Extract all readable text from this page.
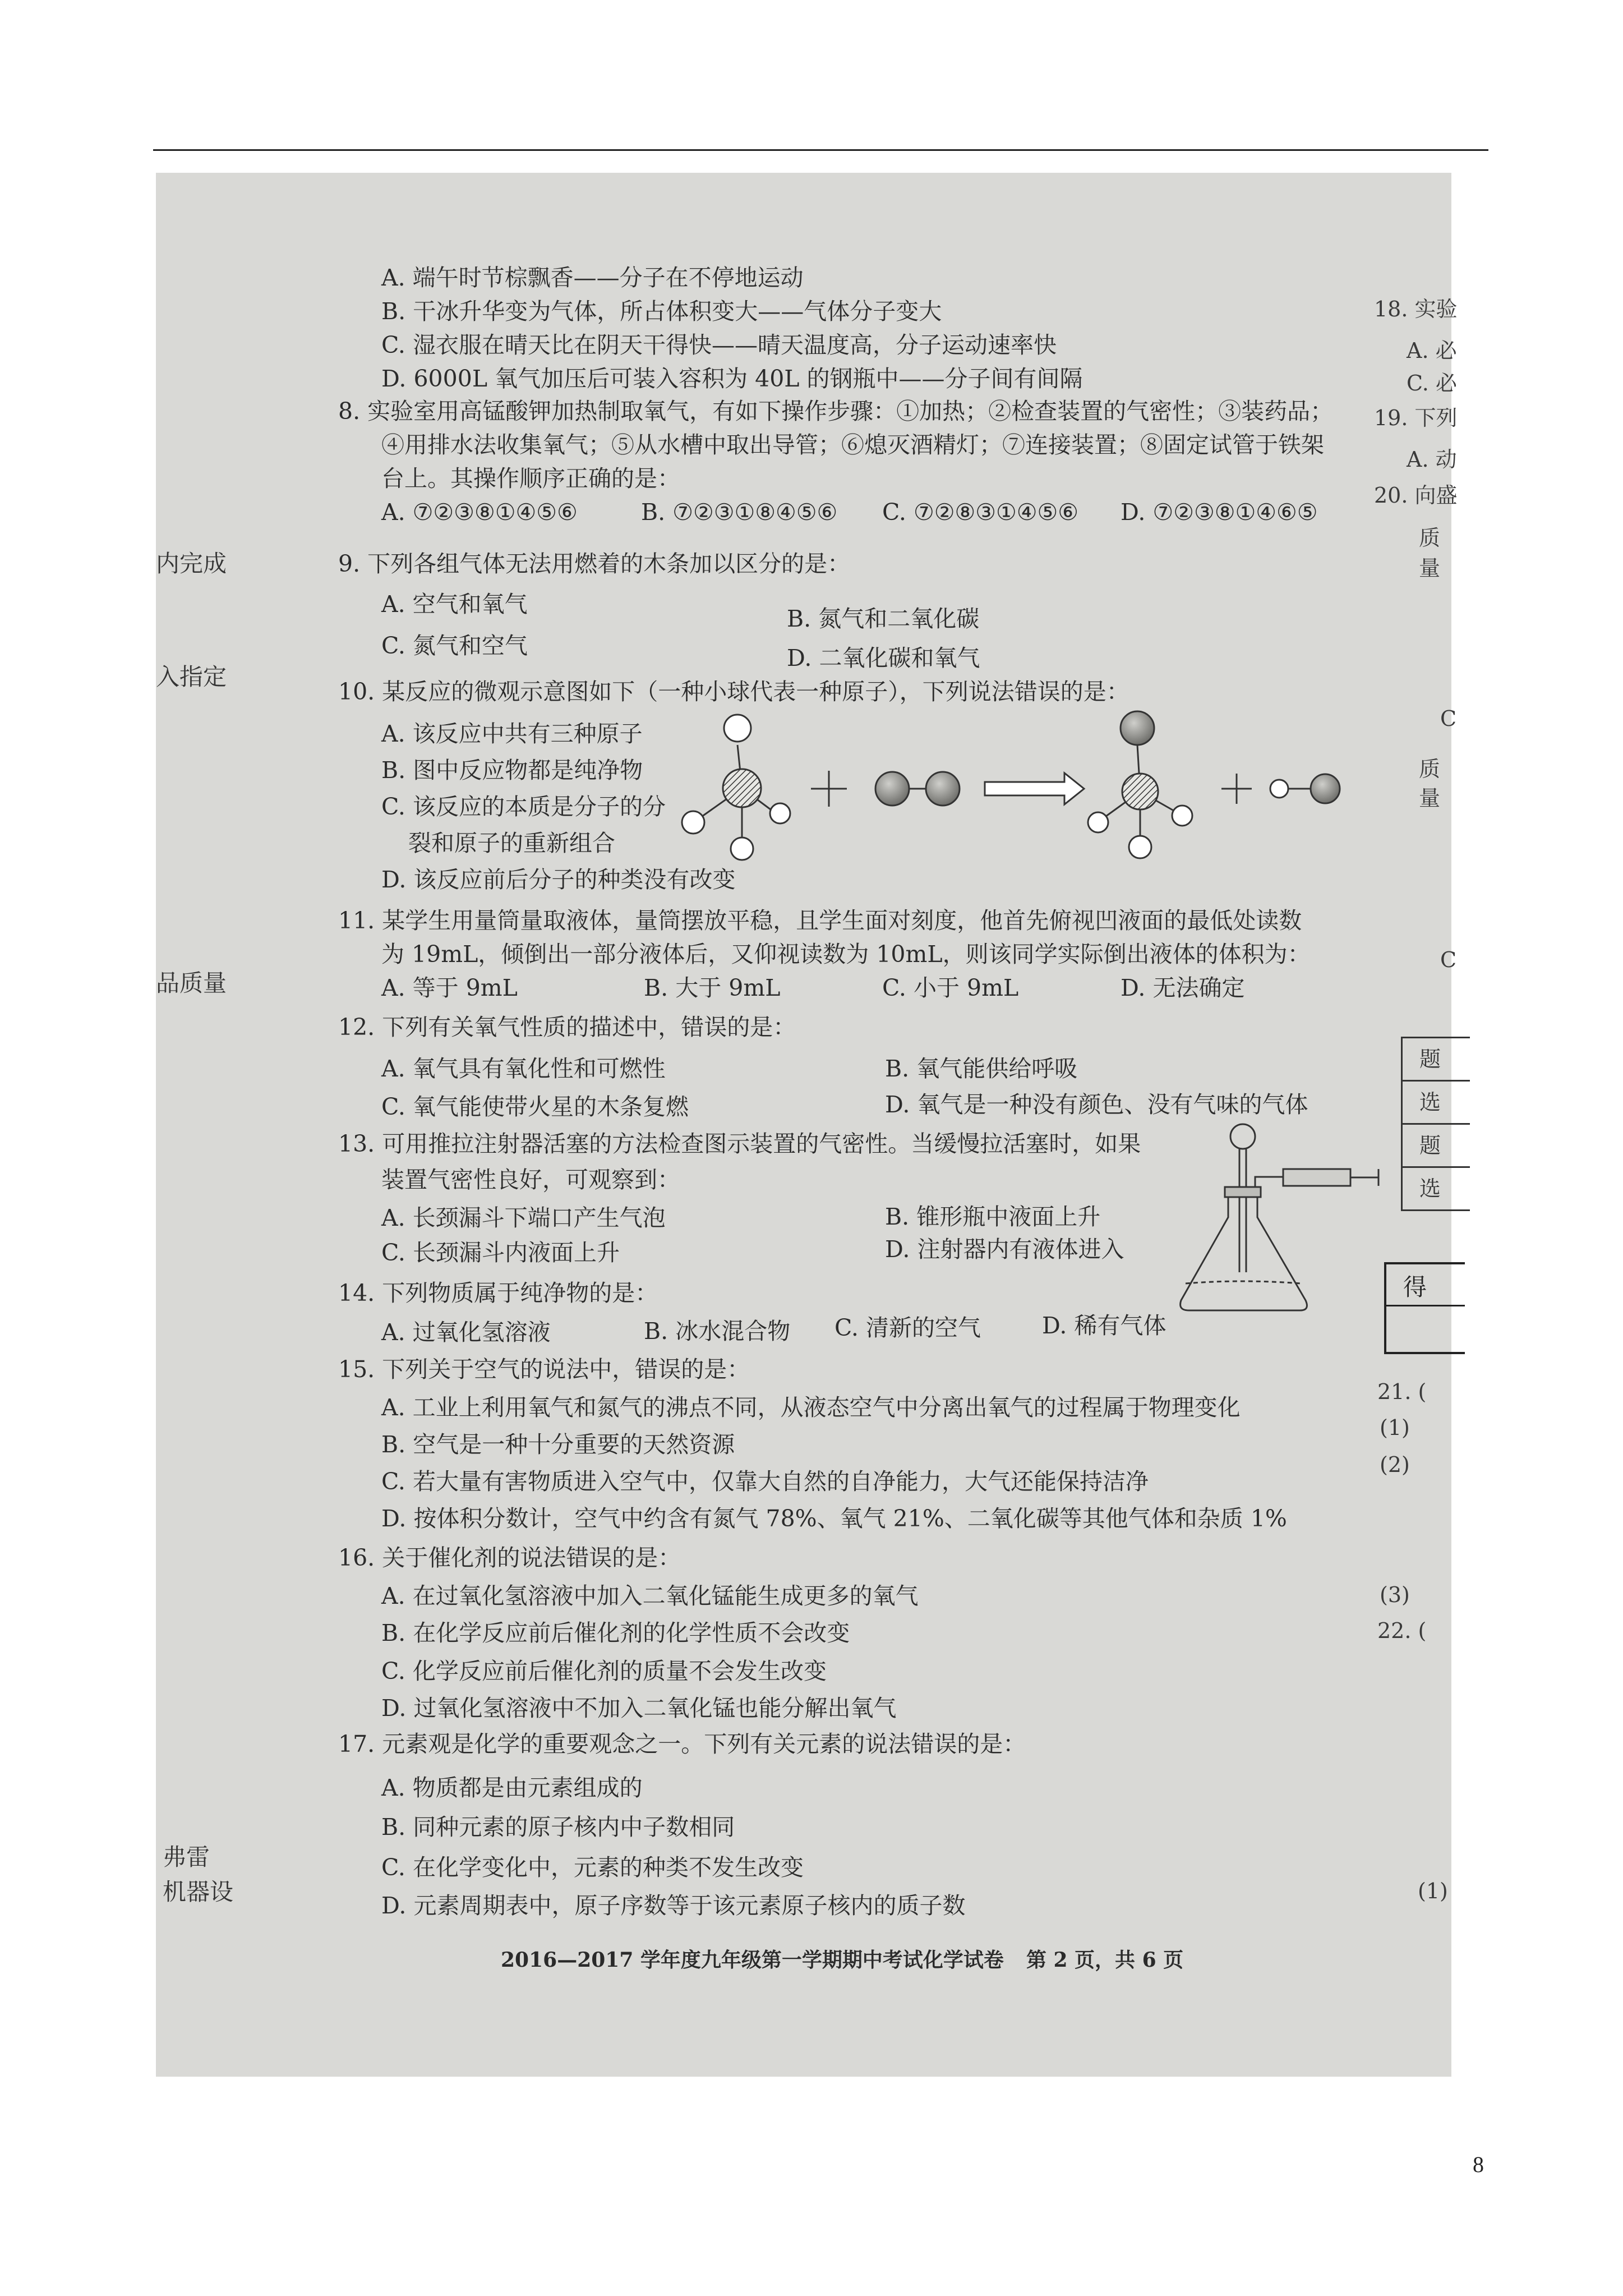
内完成
入指定
品质量
弗雷
机器设
A. 端午时节棕飘香——分子在不停地运动
B. 干冰升华变为气体，所占体积变大——气体分子变大
C. 湿衣服在晴天比在阴天干得快——晴天温度高，分子运动速率快
D. 6000L 氧气加压后可装入容积为 40L 的钢瓶中——分子间有间隔
8. 实验室用高锰酸钾加热制取氧气，有如下操作步骤：①加热；②检查装置的气密性；③装药品；
④用排水法收集氧气；⑤从水槽中取出导管；⑥熄灭酒精灯；⑦连接装置；⑧固定试管于铁架
台上。其操作顺序正确的是：
A. ⑦②③⑧①④⑤⑥	B. ⑦②③①⑧④⑤⑥ C. ⑦②⑧③①④⑤⑥ D. ⑦②③⑧①④⑥⑤
9. 下列各组气体无法用燃着的木条加以区分的是：
A. 空气和氧气
B. 氮气和二氧化碳
C. 氮气和空气	D. 二氧化碳和氧气
10. 某反应的微观示意图如下（一种小球代表一种原子），下列说法错误的是：
A. 该反应中共有三种原子
B. 图中反应物都是纯净物
C. 该反应的本质是分子的分
裂和原子的重新组合
D. 该反应前后分子的种类没有改变
11. 某学生用量筒量取液体，量筒摆放平稳，且学生面对刻度，他首先俯视凹液面的最低处读数
为 19mL，倾倒出一部分液体后，又仰视读数为 10mL，则该同学实际倒出液体的体积为：
A. 等于 9mL	B. 大于 9mL	C. 小于 9mL	D. 无法确定
12. 下列有关氧气性质的描述中，错误的是：
A. 氧气具有氧化性和可燃性	B. 氧气能供给呼吸
C. 氧气能使带火星的木条复燃	D. 氧气是一种没有颜色、没有气味的气体
13. 可用推拉注射器活塞的方法检查图示装置的气密性。当缓慢拉活塞时，如果
装置气密性良好，可观察到：
A. 长颈漏斗下端口产生气泡	B. 锥形瓶中液面上升
C. 长颈漏斗内液面上升	D. 注射器内有液体进入
14. 下列物质属于纯净物的是：
A. 过氧化氢溶液	B. 冰水混合物 C. 清新的空气	D. 稀有气体
15. 下列关于空气的说法中，错误的是：
A. 工业上利用氧气和氮气的沸点不同，从液态空气中分离出氧气的过程属于物理变化
B. 空气是一种十分重要的天然资源
C. 若大量有害物质进入空气中，仅靠大自然的自净能力，大气还能保持洁净
D. 按体积分数计，空气中约含有氮气 78%、氧气 21%、二氧化碳等其他气体和杂质 1%
16. 关于催化剂的说法错误的是：
A. 在过氧化氢溶液中加入二氧化锰能生成更多的氧气
B. 在化学反应前后催化剂的化学性质不会改变
C. 化学反应前后催化剂的质量不会发生改变
D. 过氧化氢溶液中不加入二氧化锰也能分解出氧气
17. 元素观是化学的重要观念之一。下列有关元素的说法错误的是：
A. 物质都是由元素组成的
B. 同种元素的原子核内中子数相同
C. 在化学变化中，元素的种类不发生改变
D. 元素周期表中，原子序数等于该元素原子核内的质子数
2016—2017 学年度九年级第一学期期中考试化学试卷 第 2 页，共 6 页
18. 实验
A. 必
C. 必
19. 下列
A. 动
20. 向盛
质
量
C
质
量
C
题
选
题
选
得
21. (
(1)
(2)
(3)
22. (
(1)
8
